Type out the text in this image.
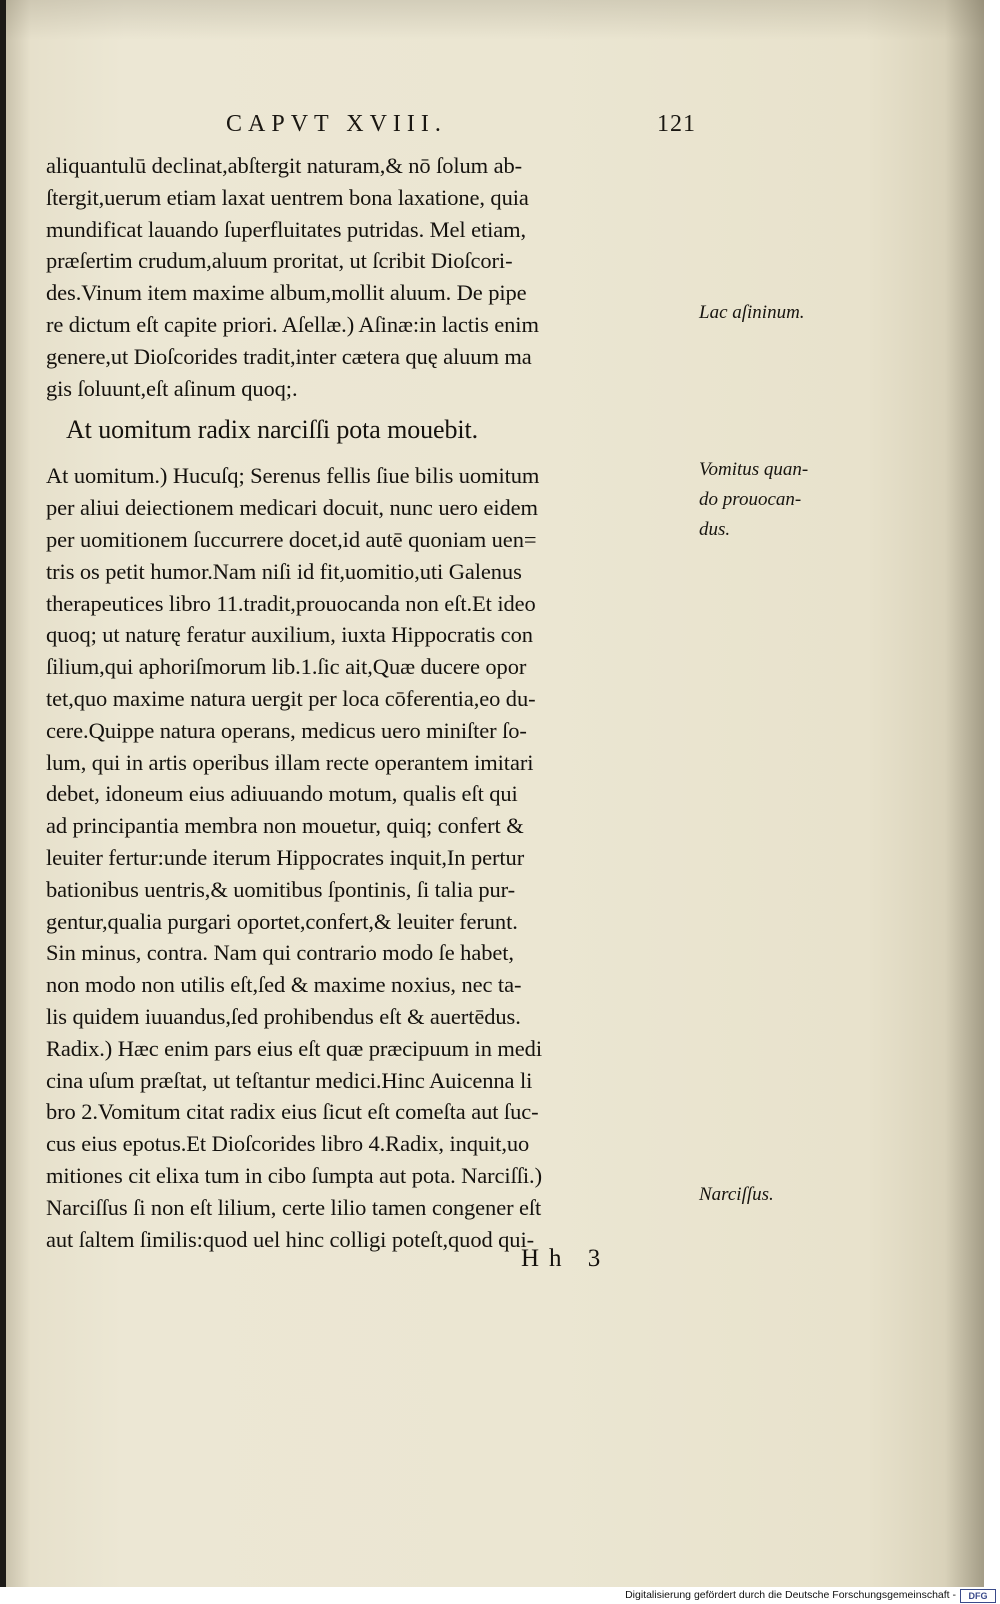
CAPVT XVIII.	121
aliquantulū declinat,abſtergit naturam,& nō ſolum ab-
ſtergit,uerum etiam laxat uentrem bona laxatione, quia
mundificat lauando ſuperfluitates putridas. Mel etiam,
præſertim crudum,aluum proritat, ut ſcribit Dioſcori-
des.Vinum item maxime album,mollit aluum. De pipe
re dictum eſt capite priori. Aſellæ.) Aſinæ:in lactis enim
genere,ut Dioſcorides tradit,inter cætera quę aluum ma
gis ſoluunt,eſt aſinum quoq;.
At uomitum radix narciſſi pota mouebit.
At uomitum.) Hucuſq; Serenus fellis ſiue bilis uomitum
per aliui deiectionem medicari docuit, nunc uero eidem
per uomitionem ſuccurrere docet,id autē quoniam uen=
tris os petit humor.Nam niſi id fit,uomitio,uti Galenus
therapeutices libro 11.tradit,prouocanda non eſt.Et ideo
quoq; ut naturę feratur auxilium, iuxta Hippocratis con
ſilium,qui aphoriſmorum lib.1.ſic ait,Quæ ducere opor
tet,quo maxime natura uergit per loca cōferentia,eo du-
cere.Quippe natura operans, medicus uero miniſter ſo-
lum, qui in artis operibus illam recte operantem imitari
debet, idoneum eius adiuuando motum, qualis eſt qui
ad principantia membra non mouetur, quiq; confert &
leuiter fertur:unde iterum Hippocrates inquit,In pertur
bationibus uentris,& uomitibus ſpontinis, ſi talia pur-
gentur,qualia purgari oportet,confert,& leuiter ferunt.
Sin minus, contra. Nam qui contrario modo ſe habet,
non modo non utilis eſt,ſed & maxime noxius, nec ta-
lis quidem iuuandus,ſed prohibendus eſt & auertēdus.
Radix.) Hæc enim pars eius eſt quæ præcipuum in medi
cina uſum præſtat, ut teſtantur medici.Hinc Auicenna li
bro 2.Vomitum citat radix eius ſicut eſt comeſta aut ſuc-
cus eius epotus.Et Dioſcorides libro 4.Radix, inquit,uo
mitiones cit elixa tum in cibo ſumpta aut pota. Narciſſi.)
Narciſſus ſi non eſt lilium, certe lilio tamen congener eſt
aut ſaltem ſimilis:quod uel hinc colligi poteſt,quod qui-
Lac aſininum.
Vomitus quan-
do prouocan-
dus.
Narciſſus.
Hh 3
Digitalisierung gefördert durch die Deutsche Forschungsgemeinschaft -	DFG
